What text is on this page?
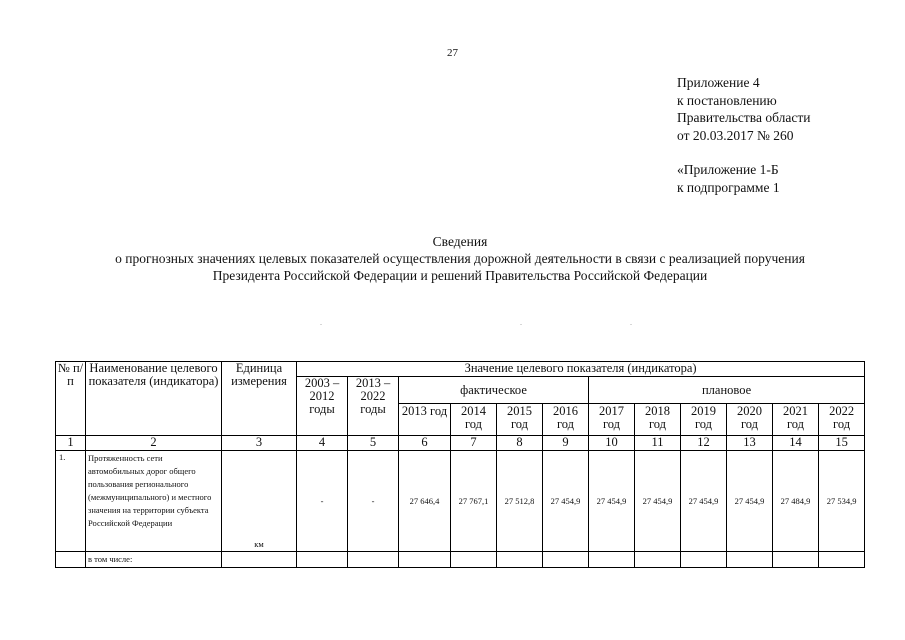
27
Приложение 4
к постановлению
Правительства области
от 20.03.2017 № 260
«Приложение 1-Б
к подпрограмме 1
Сведения
о прогнозных значениях целевых показателей осуществления дорожной деятельности в связи с реализацией поручения
Президента Российской Федерации и решений Правительства Российской Федерации
.	.	.
№ п/п	Наименование целевого показателя (индикатора)	Единица измерения	Значение целевого показателя (индикатора)											
			2003 – 2012 годы	2013 – 2022 годы	фактическое				плановое					
					2013 год	2014 год	2015 год	2016 год	2017 год	2018 год	2019 год	2020 год	2021 год	2022 год
1	2	3	4	5	6	7	8	9	10	11	12	13	14	15
1.	Протяженность сети автомобильных дорог общего пользования регионального (межмуниципального) и местного значения на территории субъекта Российской Федерации	км	-	-	27 646,4	27 767,1	27 512,8	27 454,9	27 454,9	27 454,9	27 454,9	27 454,9	27 484,9	27 534,9
	в том числе:													
